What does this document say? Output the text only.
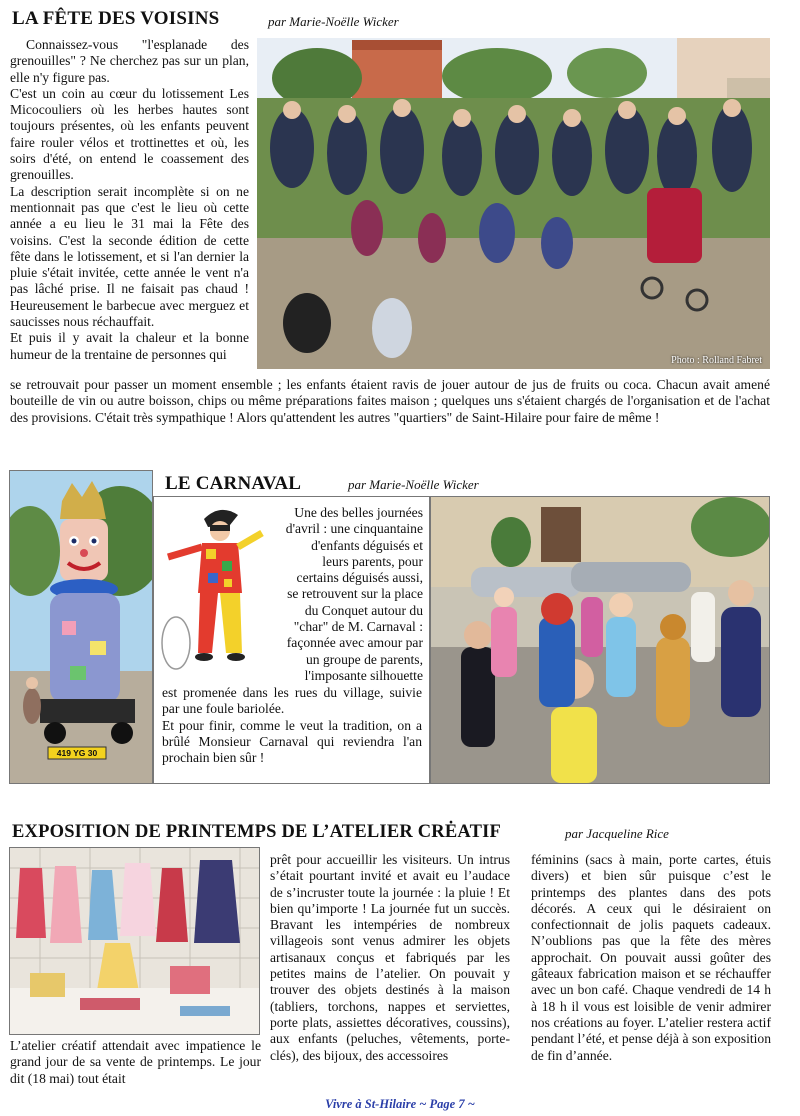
LA FÊTE DES VOISINS	par Marie-Noëlle Wicker

Connaissez-vous "l'esplanade des grenouilles" ? Ne cherchez pas sur un plan, elle n'y figure pas.

C'est un coin au cœur du lotissement Les Micocouliers où les herbes hautes sont toujours présentes, où les enfants peuvent faire rouler vélos et trottinettes et où, les soirs d'été, on entend le coassement des grenouilles.

La description serait incomplète si on ne mentionnait pas que c'est le lieu où cette année a eu lieu le 31 mai la Fête des voisins. C'est la seconde édition de cette fête dans le lotissement, et si l'an dernier la pluie s'était invitée, cette année le vent n'a pas lâché prise. Il ne faisait pas chaud ! Heureusement le barbecue avec merguez et saucisses nous réchauffait.

Et puis il y avait la chaleur et la bonne humeur de la trentaine de personnes qui	Photo : Rolland Fabret
se retrouvait pour passer un moment ensemble ; les enfants étaient ravis de jouer autour de jus de fruits ou coca. Chacun avait amené bouteille de vin ou autre boisson, chips ou même préparations faites maison ; quelques uns s'étaient chargés de l'organisation et de l'achat des provisions. C'était très sympathique ! Alors qu'attendent les autres "quartiers" de Saint-Hilaire pour faire de même !
419 YG 30
LE CARNAVAL	par Marie-Noëlle Wicker
Une des belles journées
d'avril : une cinquantaine
d'enfants déguisés et
leurs parents, pour
certains déguisés aussi,
se retrouvent sur la place
du Conquet autour du
"char" de M. Carnaval :
façonnée avec amour par
un groupe de parents,
l'imposante silhouette

est promenée dans les rues du village, suivie par une foule bariolée.

Et pour finir, comme le veut la tradition, on a brûlé Monsieur Carnaval qui reviendra l'an prochain bien sûr !

EXPOSITION DE PRINTEMPS DE L’ATELIER CRĖATIF	par Jacqueline Rice
L’atelier créatif attendait avec impatience le grand jour de sa vente de printemps. Le jour dit (18 mai) tout était
prêt pour accueillir les visiteurs. Un intrus s’était pourtant invité et avait eu l’audace de s’incruster toute la journée : la pluie ! Et bien qu’importe ! La journée fut un succès. Bravant les intempéries de nombreux villageois sont venus admirer les objets artisanaux conçus et fabriqués par les petites mains de l’atelier. On pouvait y trouver des objets destinés à la maison (tabliers, torchons, nappes et serviettes, porte plats, assiettes décoratives, coussins), aux enfants (peluches, vêtements, porte-clés), des bijoux, des accessoires
féminins (sacs à main, porte cartes, étuis divers) et bien sûr puisque c’est le printemps des plantes dans des pots décorés. A ceux qui le désiraient on confectionnait de jolis paquets cadeaux. N’oublions pas que la fête des mères approchait. On pouvait aussi goûter des gâteaux fabrication maison et se réchauffer avec un bon café. Chaque vendredi de 14 h à 18 h il vous est loisible de venir admirer nos créations au foyer. L’atelier restera actif pendant l’été, et pense déjà à son exposition de fin d’année.
Vivre à St-Hilaire ~ Page 7 ~
